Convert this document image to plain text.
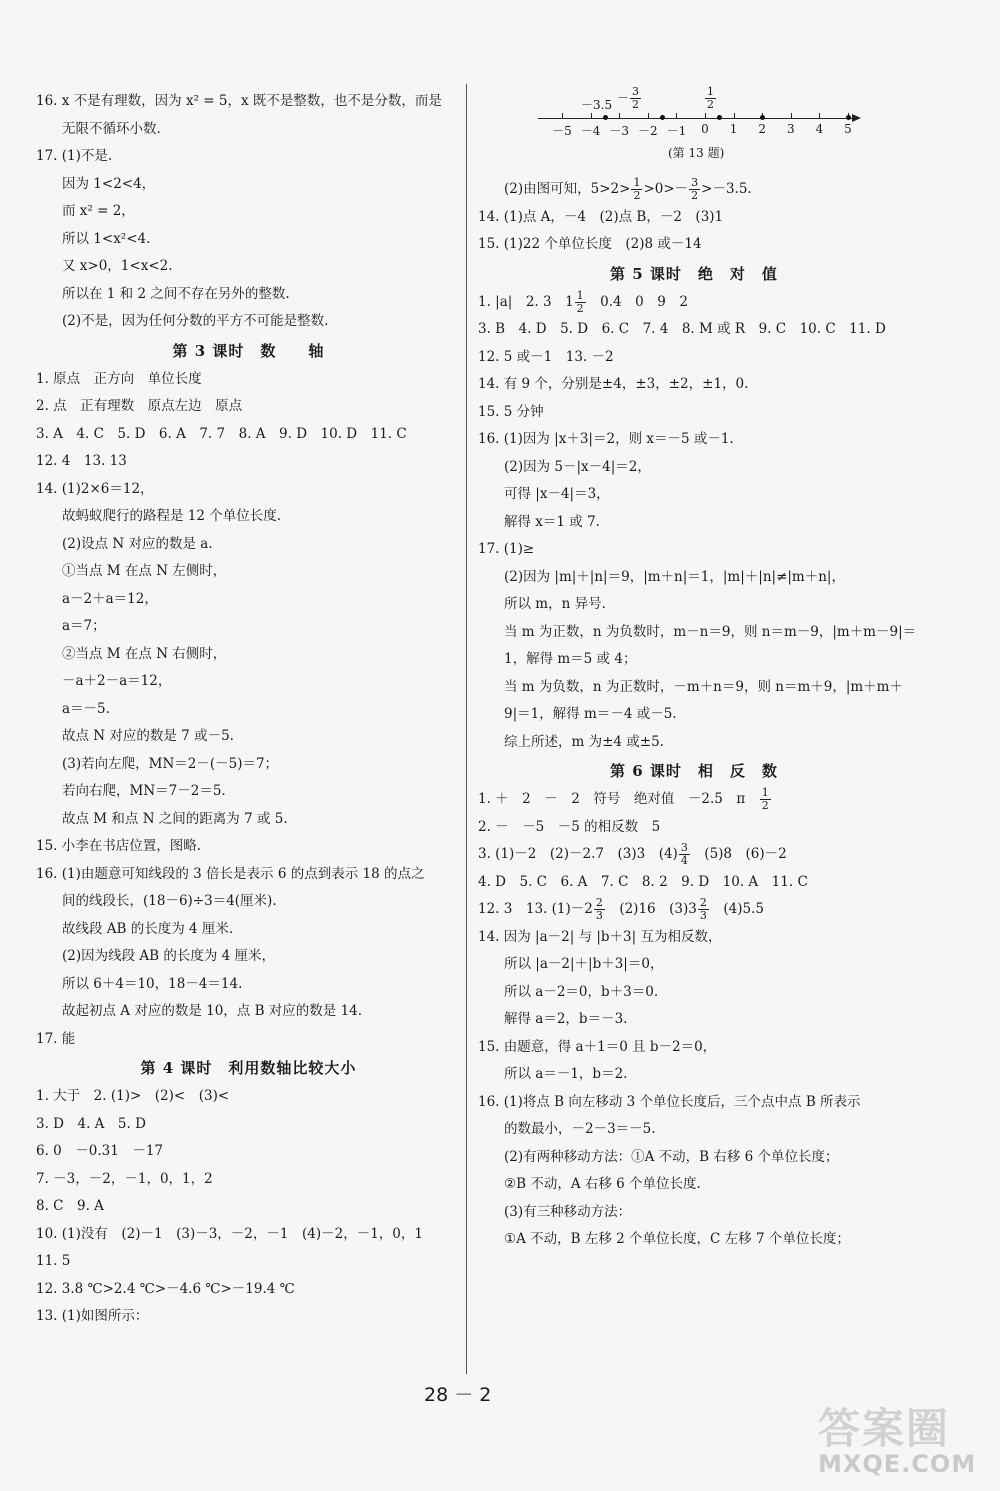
16. x 不是有理数，因为 x² = 5，x 既不是整数，也不是分数，而是
无限不循环小数.
17. (1)不是.
因为 1<2<4，
而 x² = 2，
所以 1<x²<4.
又 x>0，1<x<2.
所以在 1 和 2 之间不存在另外的整数.
(2)不是，因为任何分数的平方不可能是整数.
第 3 课时　数　　轴
1. 原点　正方向　单位长度
2. 点　正有理数　原点左边　原点
3. A　4. C　5. D　6. A　7. 7　8. A　9. D　10. D　11. C
12. 4　13. 13
14. (1)2×6＝12，
故蚂蚁爬行的路程是 12 个单位长度.
(2)设点 N 对应的数是 a.
①当点 M 在点 N 左侧时，
a－2＋a＝12，
a＝7；
②当点 M 在点 N 右侧时，
－a＋2－a＝12，
a＝－5.
故点 N 对应的数是 7 或－5.
(3)若向左爬，MN＝2－(－5)＝7；
若向右爬，MN＝7－2＝5.
故点 M 和点 N 之间的距离为 7 或 5.
15. 小李在书店位置，图略.
16. (1)由题意可知线段的 3 倍长是表示 6 的点到表示 18 的点之
间的线段长，(18－6)÷3＝4(厘米).
故线段 AB 的长度为 4 厘米.
(2)因为线段 AB 的长度为 4 厘米，
所以 6＋4＝10，18－4＝14.
故起初点 A 对应的数是 10，点 B 对应的数是 14.
17. 能
第 4 课时　利用数轴比较大小
1. 大于　2. (1)>　(2)<　(3)<
3. D　4. A　5. D
6. 0　－0.31　－17
7. －3，－2，－1，0，1，2
8. C　9. A
10. (1)没有　(2)－1　(3)－3，－2，－1　(4)－2，－1，0，1
11. 5
12. 3.8 ℃>2.4 ℃>－4.6 ℃>－19.4 ℃
13. (1)如图所示：
－5 －4 －3 －2 －1	0	1	2	3	4	5
$-3.5 - \frac{3}{2}$	$\frac{1}{2}$
(第 13 题)
(2)由图可知，$5>2> \frac{1}{2} >0>- \frac{3}{2} >-3.5$.
14. (1)点 A，－4　(2)点 B，－2　(3)1
15. (1)22 个单位长度　(2)8 或－14
第 5 课时　绝　对　值
1. |a|　2. 3　$1 \frac{1}{2}$ 　0.4　0　9　2
3. B　4. D　5. D　6. C　7. 4　8. M 或 R　9. C　10. C　11. D
12. 5 或－1　13. －2
14. 有 9 个，分别是±4，±3，±2，±1，0.
15. 5 分钟
16. (1)因为 |x＋3|＝2，则 x＝－5 或－1.
(2)因为 5－|x－4|＝2，
可得 |x－4|＝3，
解得 x＝1 或 7.
17. (1)≥
(2)因为 |m|＋|n|＝9，|m＋n|＝1，|m|＋|n|≠|m＋n|，
所以 m，n 异号.
当 m 为正数，n 为负数时，m－n＝9，则 n＝m－9，|m＋m－9|＝
1，解得 m＝5 或 4；
当 m 为负数，n 为正数时，－m＋n＝9，则 n＝m＋9，|m＋m＋
9|＝1，解得 m＝－4 或－5.
综上所述，m 为±4 或±5.
第 6 课时　相　反　数
1. ＋　2　－　2　符号　绝对值　－2.5　π　 $\frac{1}{2}$
2. －　－5　－5 的相反数　5
3. (1)－2　(2)－2.7　(3)3　$(4) \frac{3}{4}$ 　(5)8　(6)－2
4. D　5. C　6. A　7. C　8. 2　9. D　10. A　11. C
12. 3　13. $(1)-2 \frac{2}{3}$ 　(2)16　$(3)3 \frac{2}{3}$ 　(4)5.5
14. 因为 |a－2| 与 |b＋3| 互为相反数，
所以 |a－2|＋|b＋3|＝0，
所以 a－2＝0，b＋3＝0.
解得 a＝2，b＝－3.
15. 由题意，得 a＋1＝0 且 b－2＝0，
所以 a＝－1，b＝2.
16. (1)将点 B 向左移动 3 个单位长度后，三个点中点 B 所表示
的数最小，－2－3＝－5.
(2)有两种移动方法：①A 不动，B 右移 6 个单位长度；
②B 不动，A 右移 6 个单位长度.
(3)有三种移动方法：
①A 不动，B 左移 2 个单位长度，C 左移 7 个单位长度；
28 － 2
答案圈
MXQE.COM
